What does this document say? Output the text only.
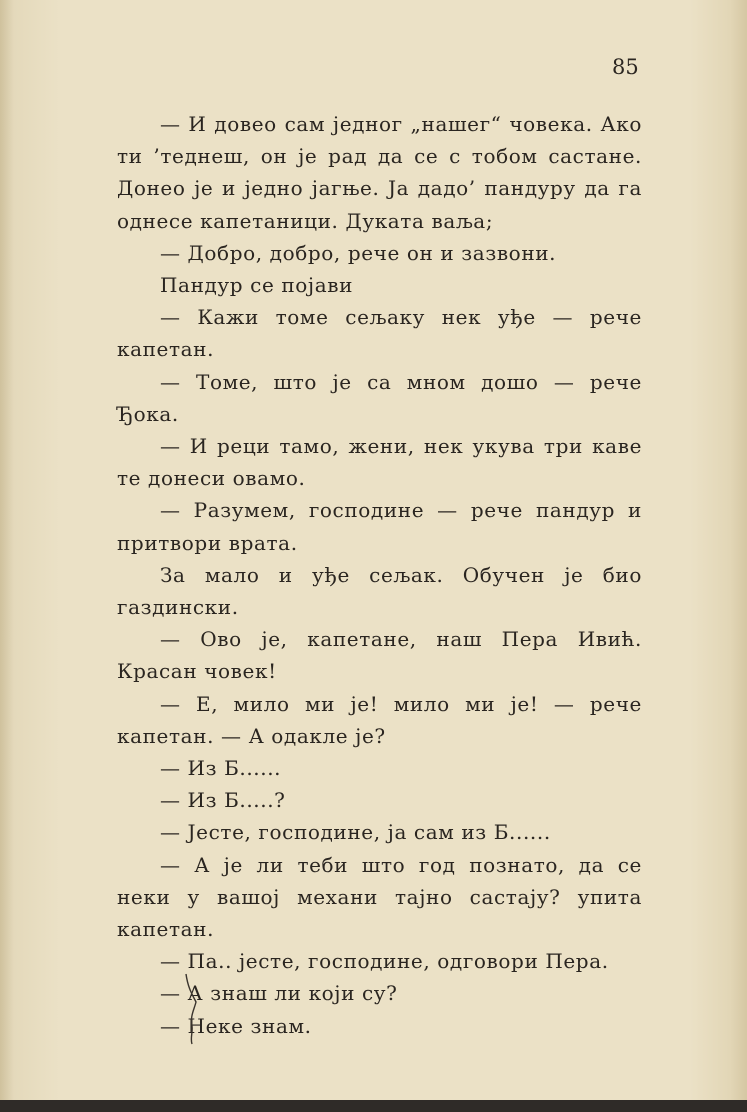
85

— И довео сам једног „нашег“ човека. Ако ти ’теднеш, он је рад да се с тобом састане. Донео је и једно јагње. Ја дадо’ пандуру да га однесе капетаници. Дуката ваља;

— Добро, добро, рече он и зазвони.

Пандур се појави

— Кажи томе сељаку нек уђе — рече капетан.

— Томе, што је са мном дошо — рече Ђока.

— И реци тамо, жени, нек укува три каве те донеси овамо.

— Разумем, господине — рече пандур и притвори врата.

За мало и уђе сељак. Обучен је био газдински.

— Ово је, капетане, наш Пера Ивић. Красан човек!

— Е, мило ми је! мило ми је! — рече капетан. — А одакле је?

— Из Б......

— Из Б.....?

— Јесте, господине, ја сам из Б......

— А је ли теби што год познато, да се неки у вашој механи тајно састају? упита капетан.

— Па.. јесте, господине, одговори Пера.

— А знаш ли који су?

— Неке знам.
